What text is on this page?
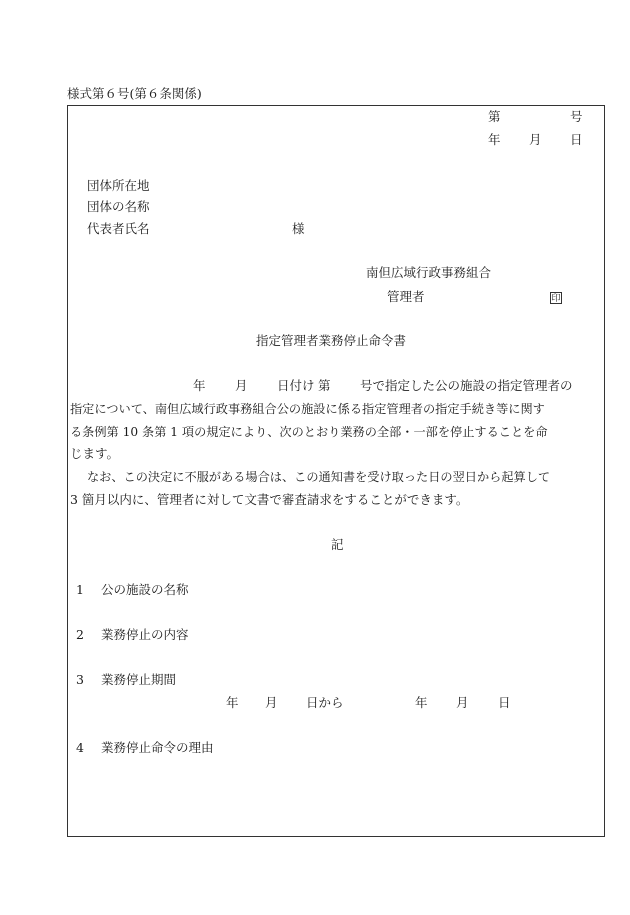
様式第６号(第６条関係)
第	号
年 月 日
団体所在地
団体の名称
代表者氏名	様
南但広域行政事務組合
管理者	印
指定管理者業務停止命令書
年 月 日付け 第 号で指定した公の施設の指定管理者の
指定について、南但広域行政事務組合公の施設に係る指定管理者の指定手続き等に関す
る条例第 10 条第 1 項の規定により、次のとおり業務の全部・一部を停止することを命
じます。
なお、この決定に不服がある場合は、この通知書を受け取った日の翌日から起算して
3 箇月以内に、管理者に対して文書で審査請求をすることができます。
記
1 公の施設の名称
2 業務停止の内容
3 業務停止期間
年 月 日から	年 月 日
4 業務停止命令の理由
